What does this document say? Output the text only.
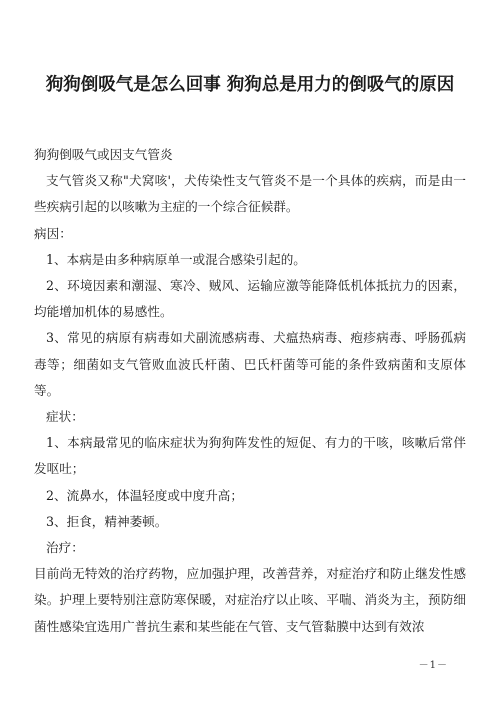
狗狗倒吸气是怎么回事 狗狗总是用力的倒吸气的原因

狗狗倒吸气或因支气管炎

支气管炎又称"犬窝咳'，犬传染性支气管炎不是一个具体的疾病，而是由一些疾病引起的以咳嗽为主症的一个综合征候群。

病因：

1、本病是由多种病原单一或混合感染引起的。

2、环境因素和潮湿、寒冷、贼风、运输应激等能降低机体抵抗力的因素，均能增加机体的易感性。

3、常见的病原有病毒如犬副流感病毒、犬瘟热病毒、疱疹病毒、呼肠孤病毒等；细菌如支气管败血波氏杆菌、巴氏杆菌等可能的条件致病菌和支原体等。

症状：

1、本病最常见的临床症状为狗狗阵发性的短促、有力的干咳，咳嗽后常伴发呕吐；

2、流鼻水，体温轻度或中度升高；

3、拒食，精神萎顿。

治疗：

目前尚无特效的治疗药物，应加强护理，改善营养，对症治疗和防止继发性感染。护理上要特别注意防寒保暖，对症治疗以止咳、平喘、消炎为主，预防细菌性感染宜选用广普抗生素和某些能在气管、支气管黏膜中达到有效浓

－1－
